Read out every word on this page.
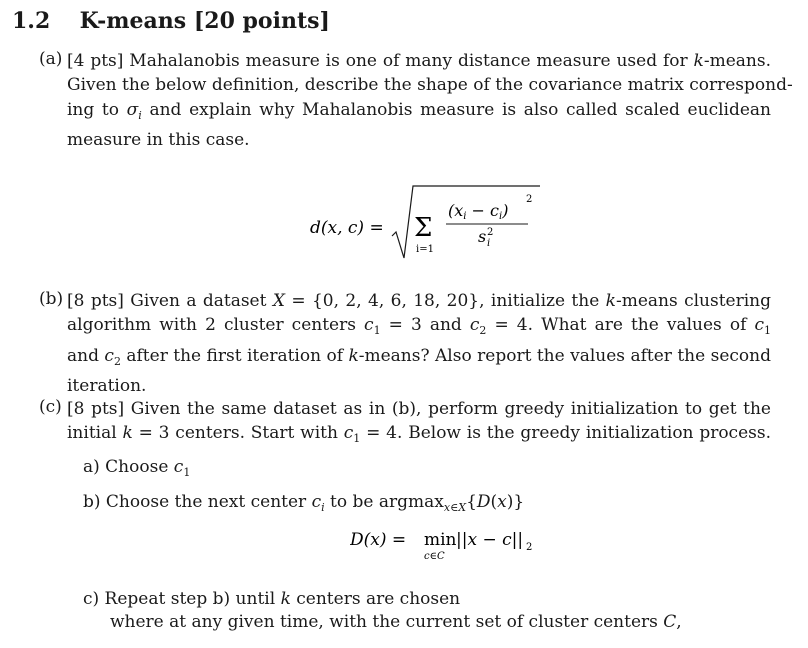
1.2 K-means [20 points]
(a) [4 pts] Mahalanobis measure is one of many distance measure used for k-means.
Given the below definition, describe the shape of the covariance matrix correspond-
ing to $\sigma_i$ and explain why Mahalanobis measure is also called scaled euclidean
measure in this case.
d(x, c) = Σ
i=1
(xi − ci)
2
s 2
i
(b) [8 pts] Given a dataset X = {0, 2, 4, 6, 18, 20}, initialize the k-means clustering
algorithm with 2 cluster centers $c_1 = 3$ and $c_2 = 4$. What are the values of $c_1$
and $c_2$ after the first iteration of k-means? Also report the values after the second
iteration.
(c) [8 pts] Given the same dataset as in (b), perform greedy initialization to get the
initial k = 3 centers. Start with $c_1 = 4$. Below is the greedy initialization process.
a) Choose $c_1$
b) Choose the next center $c_i$ to be argmax$_{x\in X}${D(x)}
D(x) = min
c∈C
||x − c|| 2
c) Repeat step b) until k centers are chosen
where at any given time, with the current set of cluster centers C,
